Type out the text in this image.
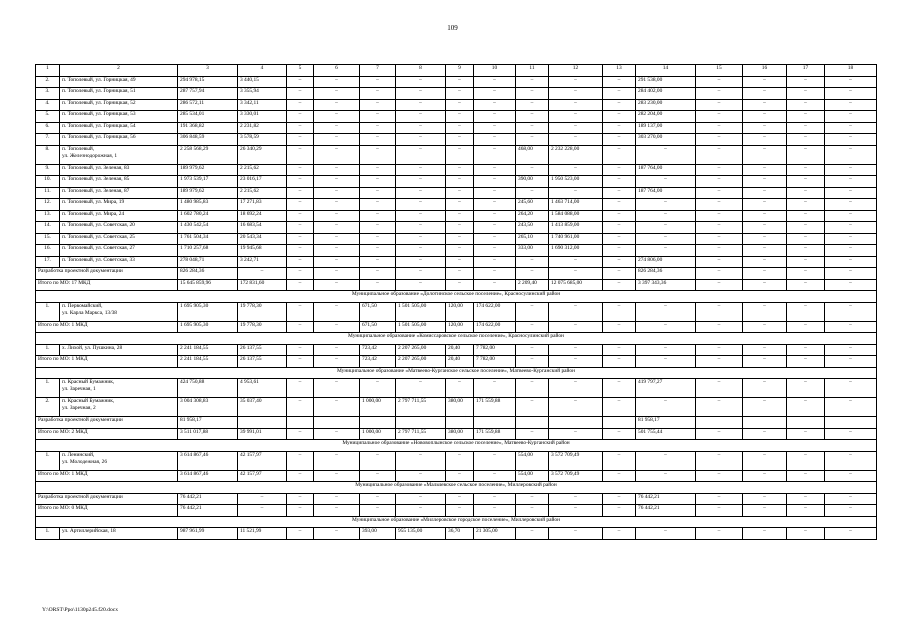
109
1	2	3	4	5	6	7	8	9	10	11	12	13	14	15	16	17	18
2.	п. Тополевый, ул. Горницкая, 49	294 978,15	3 440,15	–	–	–	–	–	–	–	–	–	291 538,00	–	–	–	–
3.	п. Тополевый, ул. Горницкая, 51	287 757,94	3 355,94	–	–	–	–	–	–	–	–	–	284 402,00	–	–	–	–
4.	п. Тополевый, ул. Горницкая, 52	286 572,11	3 342,11	–	–	–	–	–	–	–	–	–	283 230,00	–	–	–	–
5.	п. Тополевый, ул. Горницкая, 53	285 534,01	3 330,01	–	–	–	–	–	–	–	–	–	282 204,00	–	–	–	–
6.	п. Тополевый, ул. Горницкая, 54	191 368,82	2 231,82	–	–	–	–	–	–	–	–	–	189 137,00	–	–	–	–
7.	п. Тополевый, ул. Горницкая, 56	306 848,59	3 578,59	–	–	–	–	–	–	–	–	–	303 270,00	–	–	–	–
8.	п. Тополевый,
ул. Железнодорожная, 1	2 258 568,29	26 340,29	–	–	–	–	–	–	468,00	2 232 228,00	–	–	–	–	–	–
9.	п. Тополевый, ул. Зеленая, 83	189 979,62	2 215,62	–	–	–	–	–	–	–	–	–	187 764,00	–	–	–	–
10.	п. Тополевый, ул. Зеленая, 85	1 973 539,17	23 016,17	–	–	–	–	–	–	390,00	1 950 523,00	–	–	–	–	–	–
11.	п. Тополевый, ул. Зеленая, 87	189 979,62	2 215,62	–	–	–	–	–	–	–	–	–	187 764,00	–	–	–	–
12.	п. Тополевый, ул. Мира, 19	1 480 985,83	17 271,83	–	–	–	–	–	–	245,60	1 463 714,00	–	–	–	–	–	–
13.	п. Тополевый, ул. Мира, 24	1 602 780,24	18 692,24	–	–	–	–	–	–	264,20	1 584 088,00	–	–	–	–	–	–
14.	п. Тополевый, ул. Советская, 20	1 430 542,54	16 683,54	–	–	–	–	–	–	243,50	1 413 859,00	–	–	–	–	–	–
15.	п. Тополевый, ул. Советская, 25	1 761 504,34	20 543,34	–	–	–	–	–	–	265,10	1 740 961,00	–	–	–	–	–	–
16.	п. Тополевый, ул. Советская, 27	1 710 257,68	19 945,68	–	–	–	–	–	–	333,00	1 690 312,00	–	–	–	–	–	–
17.	п. Тополевый, ул. Советская, 33	278 048,71	3 242,71	–	–	–	–	–	–	–	–	–	274 806,00	–	–	–	–
Разработка проектной документации		826 284,36	–	–	–	–	–	–	–	–	–	–	826 284,36	–	–	–	–
Итого по МО: 17 МКД		15 645 859,96	172 831,60	–	–	–	–	–	–	2 209,40	12 075 685,00	–	3 397 343,36	–	–	–	–
Муниципальное образование «Долотинское сельское поселение», Красносулинский район																	
1.	п. Первомайский,
ул. Карла Маркса, 13/38	1 695 905,30	19 778,30	–	–	671,50	1 501 505,00	120,00	174 622,00	–	–	–	–	–	–	–	–
Итого по МО: 1 МКД		1 695 905,30	19 778,30	–	–	671,50	1 501 505,00	120,00	174 622,00	–	–	–	–	–	–	–	–
Муниципальное образование «Комиссаровское сельское поселение», Красносулинский район																	
1.	х. Лихой, ул. Пушкина, 28	2 241 184,55	26 137,55	–	–	723,42	2 207 265,00	20,40	7 782,00	–	–	–	–	–	–	–	–
Итого по МО: 1 МКД		2 241 184,55	26 137,55	–	–	723,42	2 207 265,00	20,40	7 782,00	–	–	–	–	–	–	–	–
Муниципальное образование «Матвеево-Курганское сельское поселение», Матвеево-Курганский район																	
1.	п. Красный Бумажник,
ул. Заречная, 1	424 750,88	4 953,61	–	–	–	–	–	–	–	–	–	419 797,27	–	–	–	–
2.	п. Красный Бумажник,
ул. Заречная, 2	3 004 308,83	35 037,40	–	–	1 000,00	2 797 711,55	380,00	171 559,88	–	–	–	–	–	–	–	–
Разработка проектной документации		81 958,17											81 958,17				
Итого по МО: 2 МКД		3 511 017,88	39 991,01	–	–	1 000,00	2 797 711,55	380,00	171 559,88	–	–	–	501 755,44	–	–	–	–
Муниципальное образование «Нововоплынское сельское поселение», Матвеево-Курганский район																	
1.	п. Ленинский,
ул. Молодежная, 26	3 614 867,46	42 157,97	–	–	–	–	–	–	554,00	3 572 709,49	–	–	–	–	–	–
Итого по МО: 1 МКД		3 614 867,46	42 157,97	–	–	–	–	–	–	554,00	3 572 709,49	–	–	–	–	–	–
Муниципальное образование «Мальчевское сельское поселение», Миллеровский район																	
Разработка проектной документации		76 442,21	–	–	–	–	–	–	–	–	–	–	76 442,21	–	–	–	–
Итого по МО: 0 МКД		76 442,21	–	–	–	–	–	–	–	–	–	–	76 442,21	–	–	–	–
Муниципальное образование «Миллеровское городское поселение», Миллеровский район																	
1.	ул. Артиллерийская, 18	987 961,99	11 521,99	–	–	393,00	955 135,00	36,70	21 305,00	–	–	–	–	–	–	–	–
Y:\ORST\Ppo\1130p245.f20.docx
